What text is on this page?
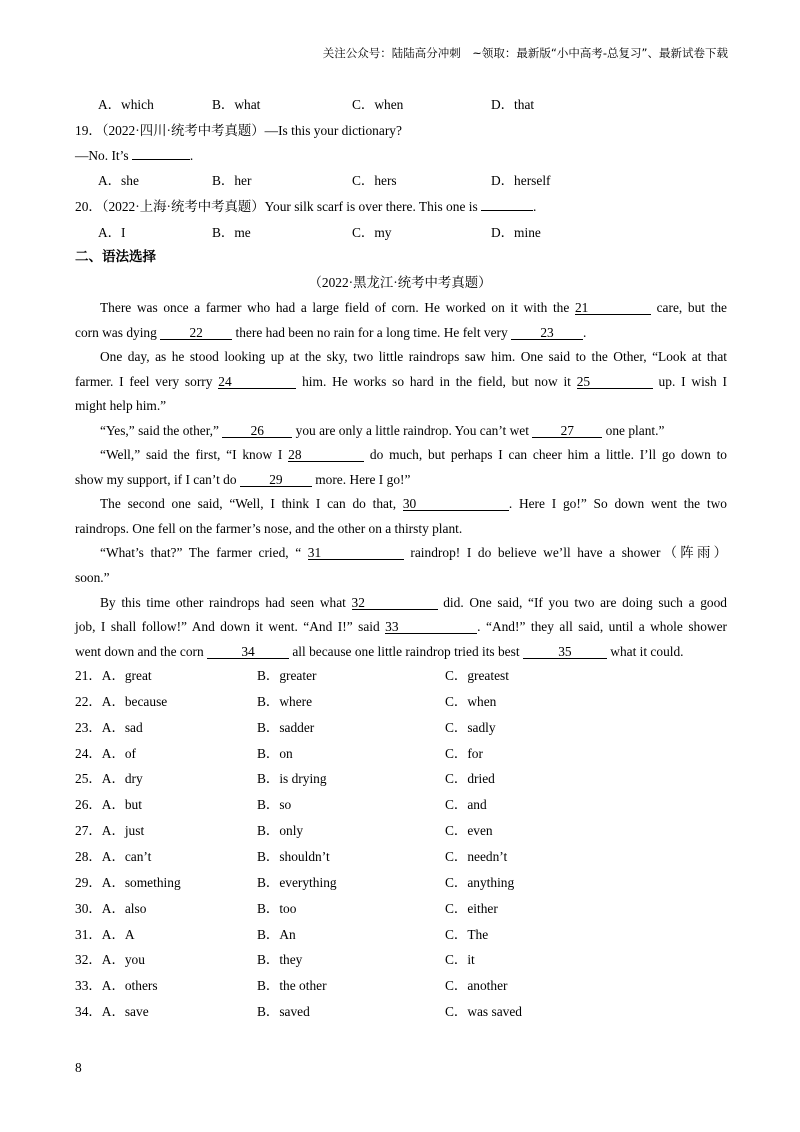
关注公众号：陆陆高分冲刺　~领取：最新版“小中高考-总复习”、最新试卷下载
A．which	B．what	C．when	D．that
19．（2022·四川·统考中考真题）—Is this your dictionary?
—No. It’s	.
A．she	B．her	C．hers	D．herself
20．（2022·上海·统考中考真题）Your silk scarf is over there. This one is	.
A．I	B．me	C．my	D．mine
二、语法选择
（2022·黑龙江·统考中考真题）
There was once a farmer who had a large field of corn. He worked on it with the 21	care, but the
corn was dying 22 there had been no rain for a long time. He felt very 23 .
One day, as he stood looking up at the sky, two little raindrops saw him. One said to the Other, “Look at that
farmer. I feel very sorry 24	him. He works so hard in the field, but now it 25	up. I wish I
might help him.”
“Yes,” said the other,” 26 you are only a little raindrop. You can’t wet 27 one plant.”
“Well,” said the first, “I know I 28	do much, but perhaps I can cheer him a little. I’ll go down to
show my support, if I can’t do 29 more. Here I go!”
The second one said, “Well, I think I can do that, 30	. Here I go!” So down went the two
raindrops. One fell on the farmer’s nose, and the other on a thirsty plant.
“What’s that?” The farmer cried, “ 31	raindrop! I do believe we’ll have a shower（阵雨）
soon.”
By this time other raindrops had seen what 32	did. One said, “If you two are doing such a good
job, I shall follow!” And down it went. “And I!” said 33	. “And!” they all said, until a whole shower
went down and the corn	34	all because one little raindrop tried its best	35	what it could.
21．A．great	B．greater	C．greatest
22．A．because	B．where	C．when
23．A．sad	B．sadder	C．sadly
24．A．of	B．on	C．for
25．A．dry	B．is drying	C．dried
26．A．but	B．so	C．and
27．A．just	B．only	C．even
28．A．can’t	B．shouldn’t	C．needn’t
29．A．something	B．everything	C．anything
30．A．also	B．too	C．either
31．A．A	B．An	C．The
32．A．you	B．they	C．it
33．A．others	B．the other	C．another
34．A．save	B．saved	C．was saved
8
